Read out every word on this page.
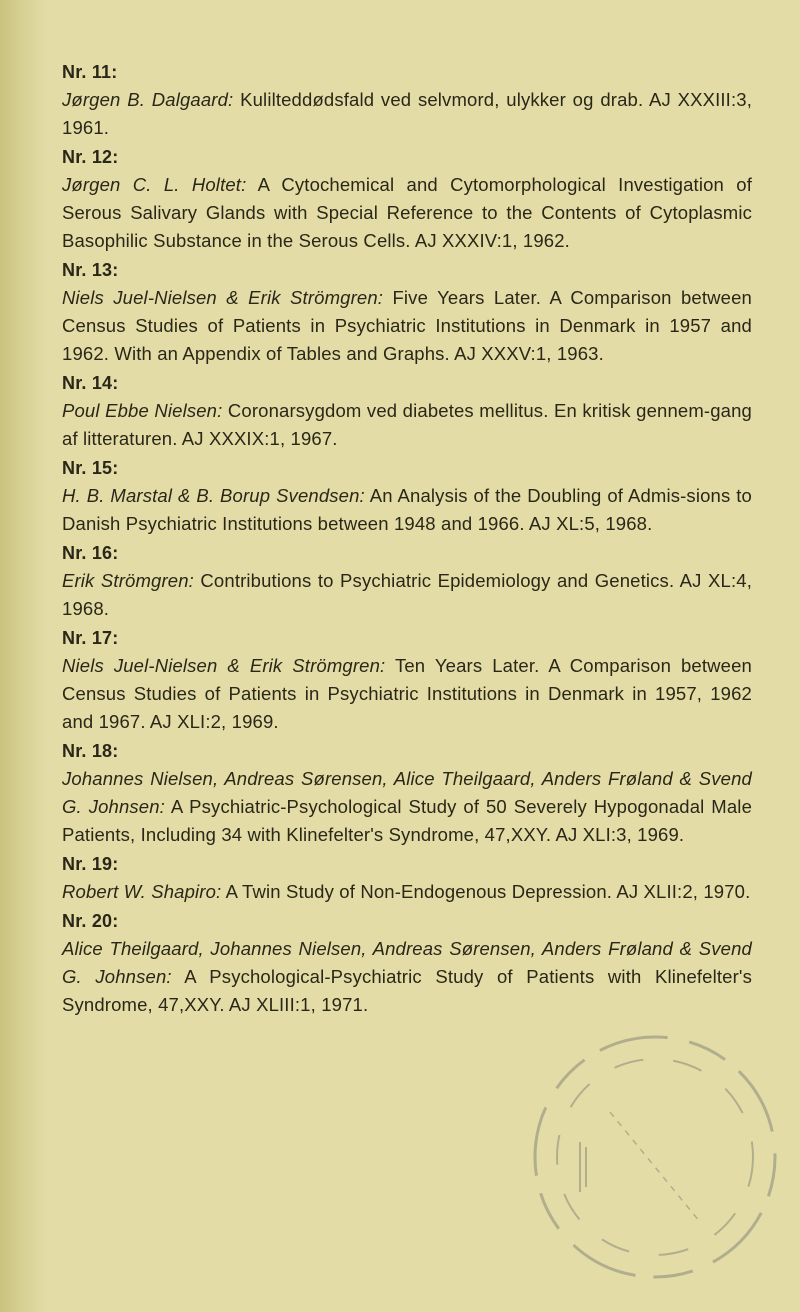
Nr. 11:

Jørgen B. Dalgaard: Kulilteddødsfald ved selvmord, ulykker og drab. AJ XXXIII:3, 1961.

Nr. 12:

Jørgen C. L. Holtet: A Cytochemical and Cytomorphological Investigation of Serous Salivary Glands with Special Reference to the Contents of Cytoplasmic Basophilic Substance in the Serous Cells. AJ XXXIV:1, 1962.

Nr. 13:

Niels Juel-Nielsen & Erik Strömgren: Five Years Later. A Comparison between Census Studies of Patients in Psychiatric Institutions in Denmark in 1957 and 1962. With an Appendix of Tables and Graphs. AJ XXXV:1, 1963.

Nr. 14:

Poul Ebbe Nielsen: Coronarsygdom ved diabetes mellitus. En kritisk gennem-gang af litteraturen. AJ XXXIX:1, 1967.

Nr. 15:

H. B. Marstal & B. Borup Svendsen: An Analysis of the Doubling of Admis-sions to Danish Psychiatric Institutions between 1948 and 1966. AJ XL:5, 1968.

Nr. 16:

Erik Strömgren: Contributions to Psychiatric Epidemiology and Genetics. AJ XL:4, 1968.

Nr. 17:

Niels Juel-Nielsen & Erik Strömgren: Ten Years Later. A Comparison between Census Studies of Patients in Psychiatric Institutions in Denmark in 1957, 1962 and 1967. AJ XLI:2, 1969.

Nr. 18:

Johannes Nielsen, Andreas Sørensen, Alice Theilgaard, Anders Frøland & Svend G. Johnsen: A Psychiatric-Psychological Study of 50 Severely Hypogonadal Male Patients, Including 34 with Klinefelter's Syndrome, 47,XXY. AJ XLI:3, 1969.

Nr. 19:

Robert W. Shapiro: A Twin Study of Non-Endogenous Depression. AJ XLII:2, 1970.

Nr. 20:

Alice Theilgaard, Johannes Nielsen, Andreas Sørensen, Anders Frøland & Svend G. Johnsen: A Psychological-Psychiatric Study of Patients with Klinefelter's Syndrome, 47,XXY. AJ XLIII:1, 1971.
